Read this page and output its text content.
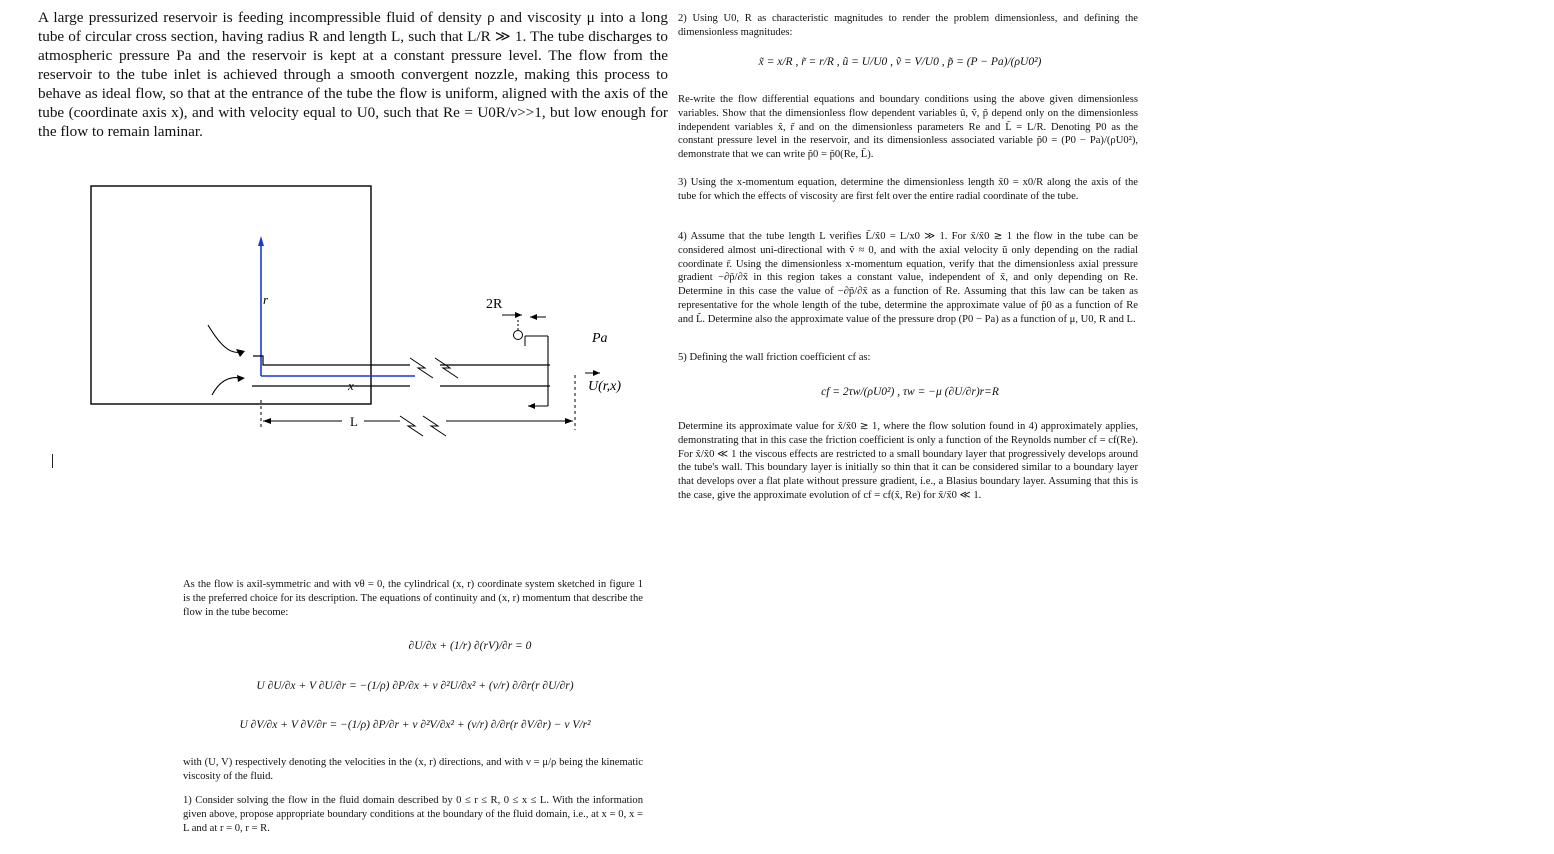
A large pressurized reservoir is feeding incompressible fluid of density ρ and viscosity μ into a long tube of circular cross section, having radius R and length L, such that L/R ≫ 1. The tube discharges to atmospheric pressure Pa and the reservoir is kept at a constant pressure level. The flow from the reservoir to the tube inlet is achieved through a smooth convergent nozzle, making this process to behave as ideal flow, so that at the entrance of the tube the flow is uniform, aligned with the axis of the tube (coordinate axis x), and with velocity equal to U0, such that Re = U0R/ν>>1, but low enough for the flow to remain laminar.

r
x
L
2R
Pa
U(r,x)

As the flow is axil-symmetric and with vθ = 0, the cylindrical (x, r) coordinate system sketched in figure 1 is the preferred choice for its description. The equations of continuity and (x, r) momentum that describe the flow in the tube become:

∂U/∂x + (1/r) ∂(rV)/∂r = 0
U ∂U/∂x + V ∂U/∂r = −(1/ρ) ∂P/∂x + ν ∂²U/∂x² + (ν/r) ∂/∂r(r ∂U/∂r)
U ∂V/∂x + V ∂V/∂r = −(1/ρ) ∂P/∂r + ν ∂²V/∂x² + (ν/r) ∂/∂r(r ∂V/∂r) − ν V/r²

with (U, V) respectively denoting the velocities in the (x, r) directions, and with ν = μ/ρ being the kinematic viscosity of the fluid.

1) Consider solving the flow in the fluid domain described by 0 ≤ r ≤ R, 0 ≤ x ≤ L. With the information given above, propose appropriate boundary conditions at the boundary of the fluid domain, i.e., at x = 0, x = L and at r = 0, r = R.

2) Using U0, R as characteristic magnitudes to render the problem dimensionless, and defining the dimensionless magnitudes:

x̃ = x/R , r̃ = r/R , ũ = U/U0 , ṽ = V/U0 , p̃ = (P − Pa)/(ρU0²)

Re-write the flow differential equations and boundary conditions using the above given dimensionless variables. Show that the dimensionless flow dependent variables ũ, ṽ, p̃ depend only on the dimensionless independent variables x̃, r̃ and on the dimensionless parameters Re and L̃ = L/R. Denoting P0 as the constant pressure level in the reservoir, and its dimensionless associated variable p̃0 = (P0 − Pa)/(ρU0²), demonstrate that we can write p̃0 = p̃0(Re, L̃).

3) Using the x-momentum equation, determine the dimensionless length x̃0 = x0/R along the axis of the tube for which the effects of viscosity are first felt over the entire radial coordinate of the tube.

4) Assume that the tube length L verifies L̃/x̃0 = L/x0 ≫ 1. For x̃/x̃0 ≳ 1 the flow in the tube can be considered almost uni-directional with ṽ ≈ 0, and with the axial velocity ũ only depending on the radial coordinate r̃. Using the dimensionless x-momentum equation, verify that the dimensionless axial pressure gradient −∂p̃/∂x̃ in this region takes a constant value, independent of x̃, and only depending on Re. Determine in this case the value of −∂p̃/∂x̃ as a function of Re. Assuming that this law can be taken as representative for the whole length of the tube, determine the approximate value of p̃0 as a function of Re and L̃. Determine also the approximate value of the pressure drop (P0 − Pa) as a function of μ, U0, R and L.

5) Defining the wall friction coefficient cf as:

cf = 2τw/(ρU0²) , τw = −μ (∂U/∂r)r=R

Determine its approximate value for x̃/x̃0 ≳ 1, where the flow solution found in 4) approximately applies, demonstrating that in this case the friction coefficient is only a function of the Reynolds number cf = cf(Re). For x̃/x̃0 ≪ 1 the viscous effects are restricted to a small boundary layer that progressively develops around the tube's wall. This boundary layer is initially so thin that it can be considered similar to a boundary layer that develops over a flat plate without pressure gradient, i.e., a Blasius boundary layer. Assuming that this is the case, give the approximate evolution of cf = cf(x̃, Re) for x̃/x̃0 ≪ 1.
